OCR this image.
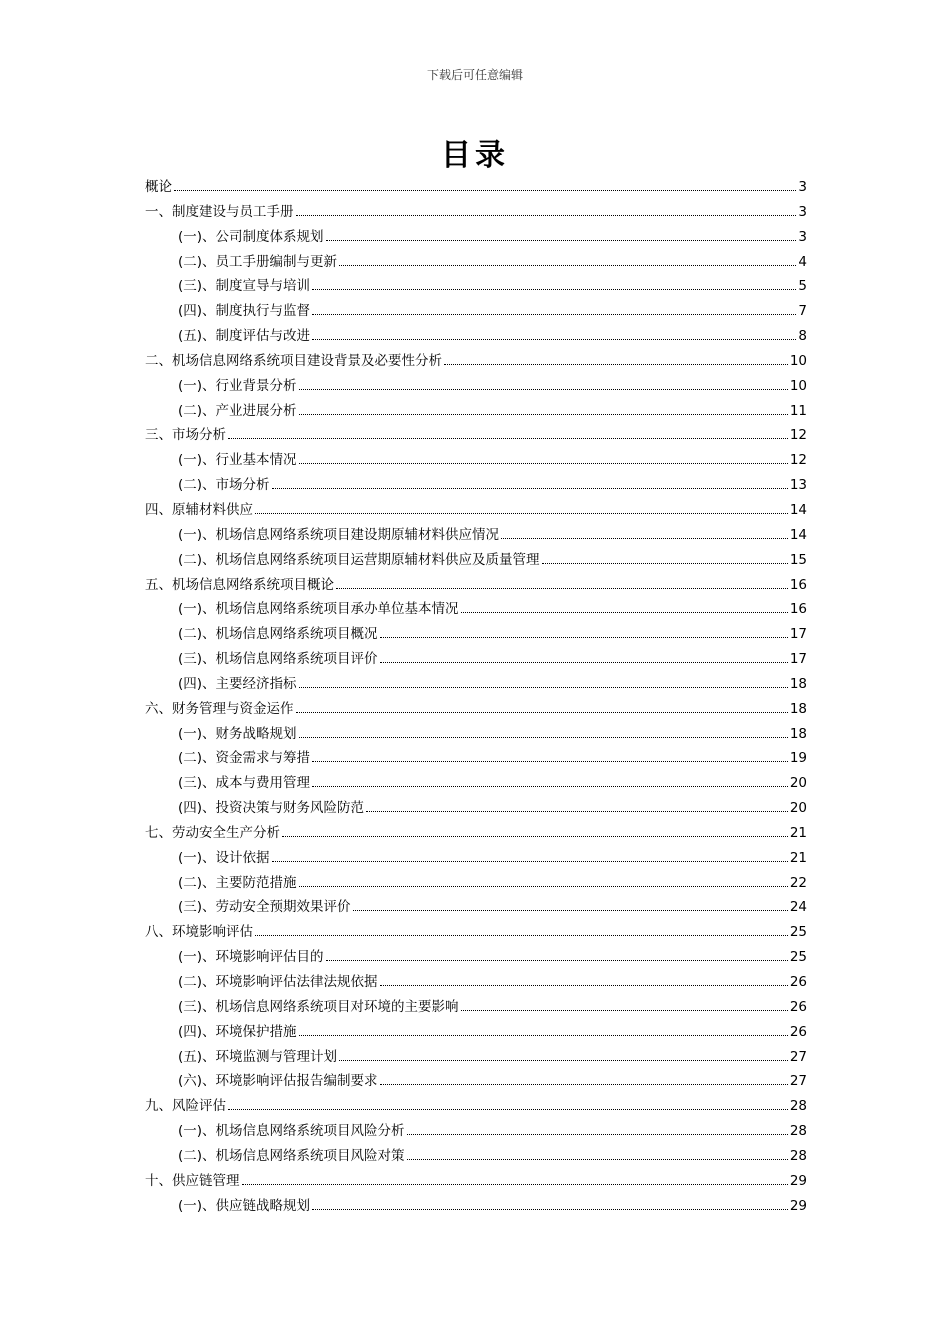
下载后可任意编辑
目录
概论	3
一、制度建设与员工手册	3
(一)、公司制度体系规划	3
(二)、员工手册编制与更新	4
(三)、制度宣导与培训	5
(四)、制度执行与监督	7
(五)、制度评估与改进	8
二、机场信息网络系统项目建设背景及必要性分析	10
(一)、行业背景分析	10
(二)、产业进展分析	11
三、市场分析	12
(一)、行业基本情况	12
(二)、市场分析	13
四、原辅材料供应	14
(一)、机场信息网络系统项目建设期原辅材料供应情况	14
(二)、机场信息网络系统项目运营期原辅材料供应及质量管理	15
五、机场信息网络系统项目概论	16
(一)、机场信息网络系统项目承办单位基本情况	16
(二)、机场信息网络系统项目概况	17
(三)、机场信息网络系统项目评价	17
(四)、主要经济指标	18
六、财务管理与资金运作	18
(一)、财务战略规划	18
(二)、资金需求与筹措	19
(三)、成本与费用管理	20
(四)、投资决策与财务风险防范	20
七、劳动安全生产分析	21
(一)、设计依据	21
(二)、主要防范措施	22
(三)、劳动安全预期效果评价	24
八、环境影响评估	25
(一)、环境影响评估目的	25
(二)、环境影响评估法律法规依据	26
(三)、机场信息网络系统项目对环境的主要影响	26
(四)、环境保护措施	26
(五)、环境监测与管理计划	27
(六)、环境影响评估报告编制要求	27
九、风险评估	28
(一)、机场信息网络系统项目风险分析	28
(二)、机场信息网络系统项目风险对策	28
十、供应链管理	29
(一)、供应链战略规划	29
